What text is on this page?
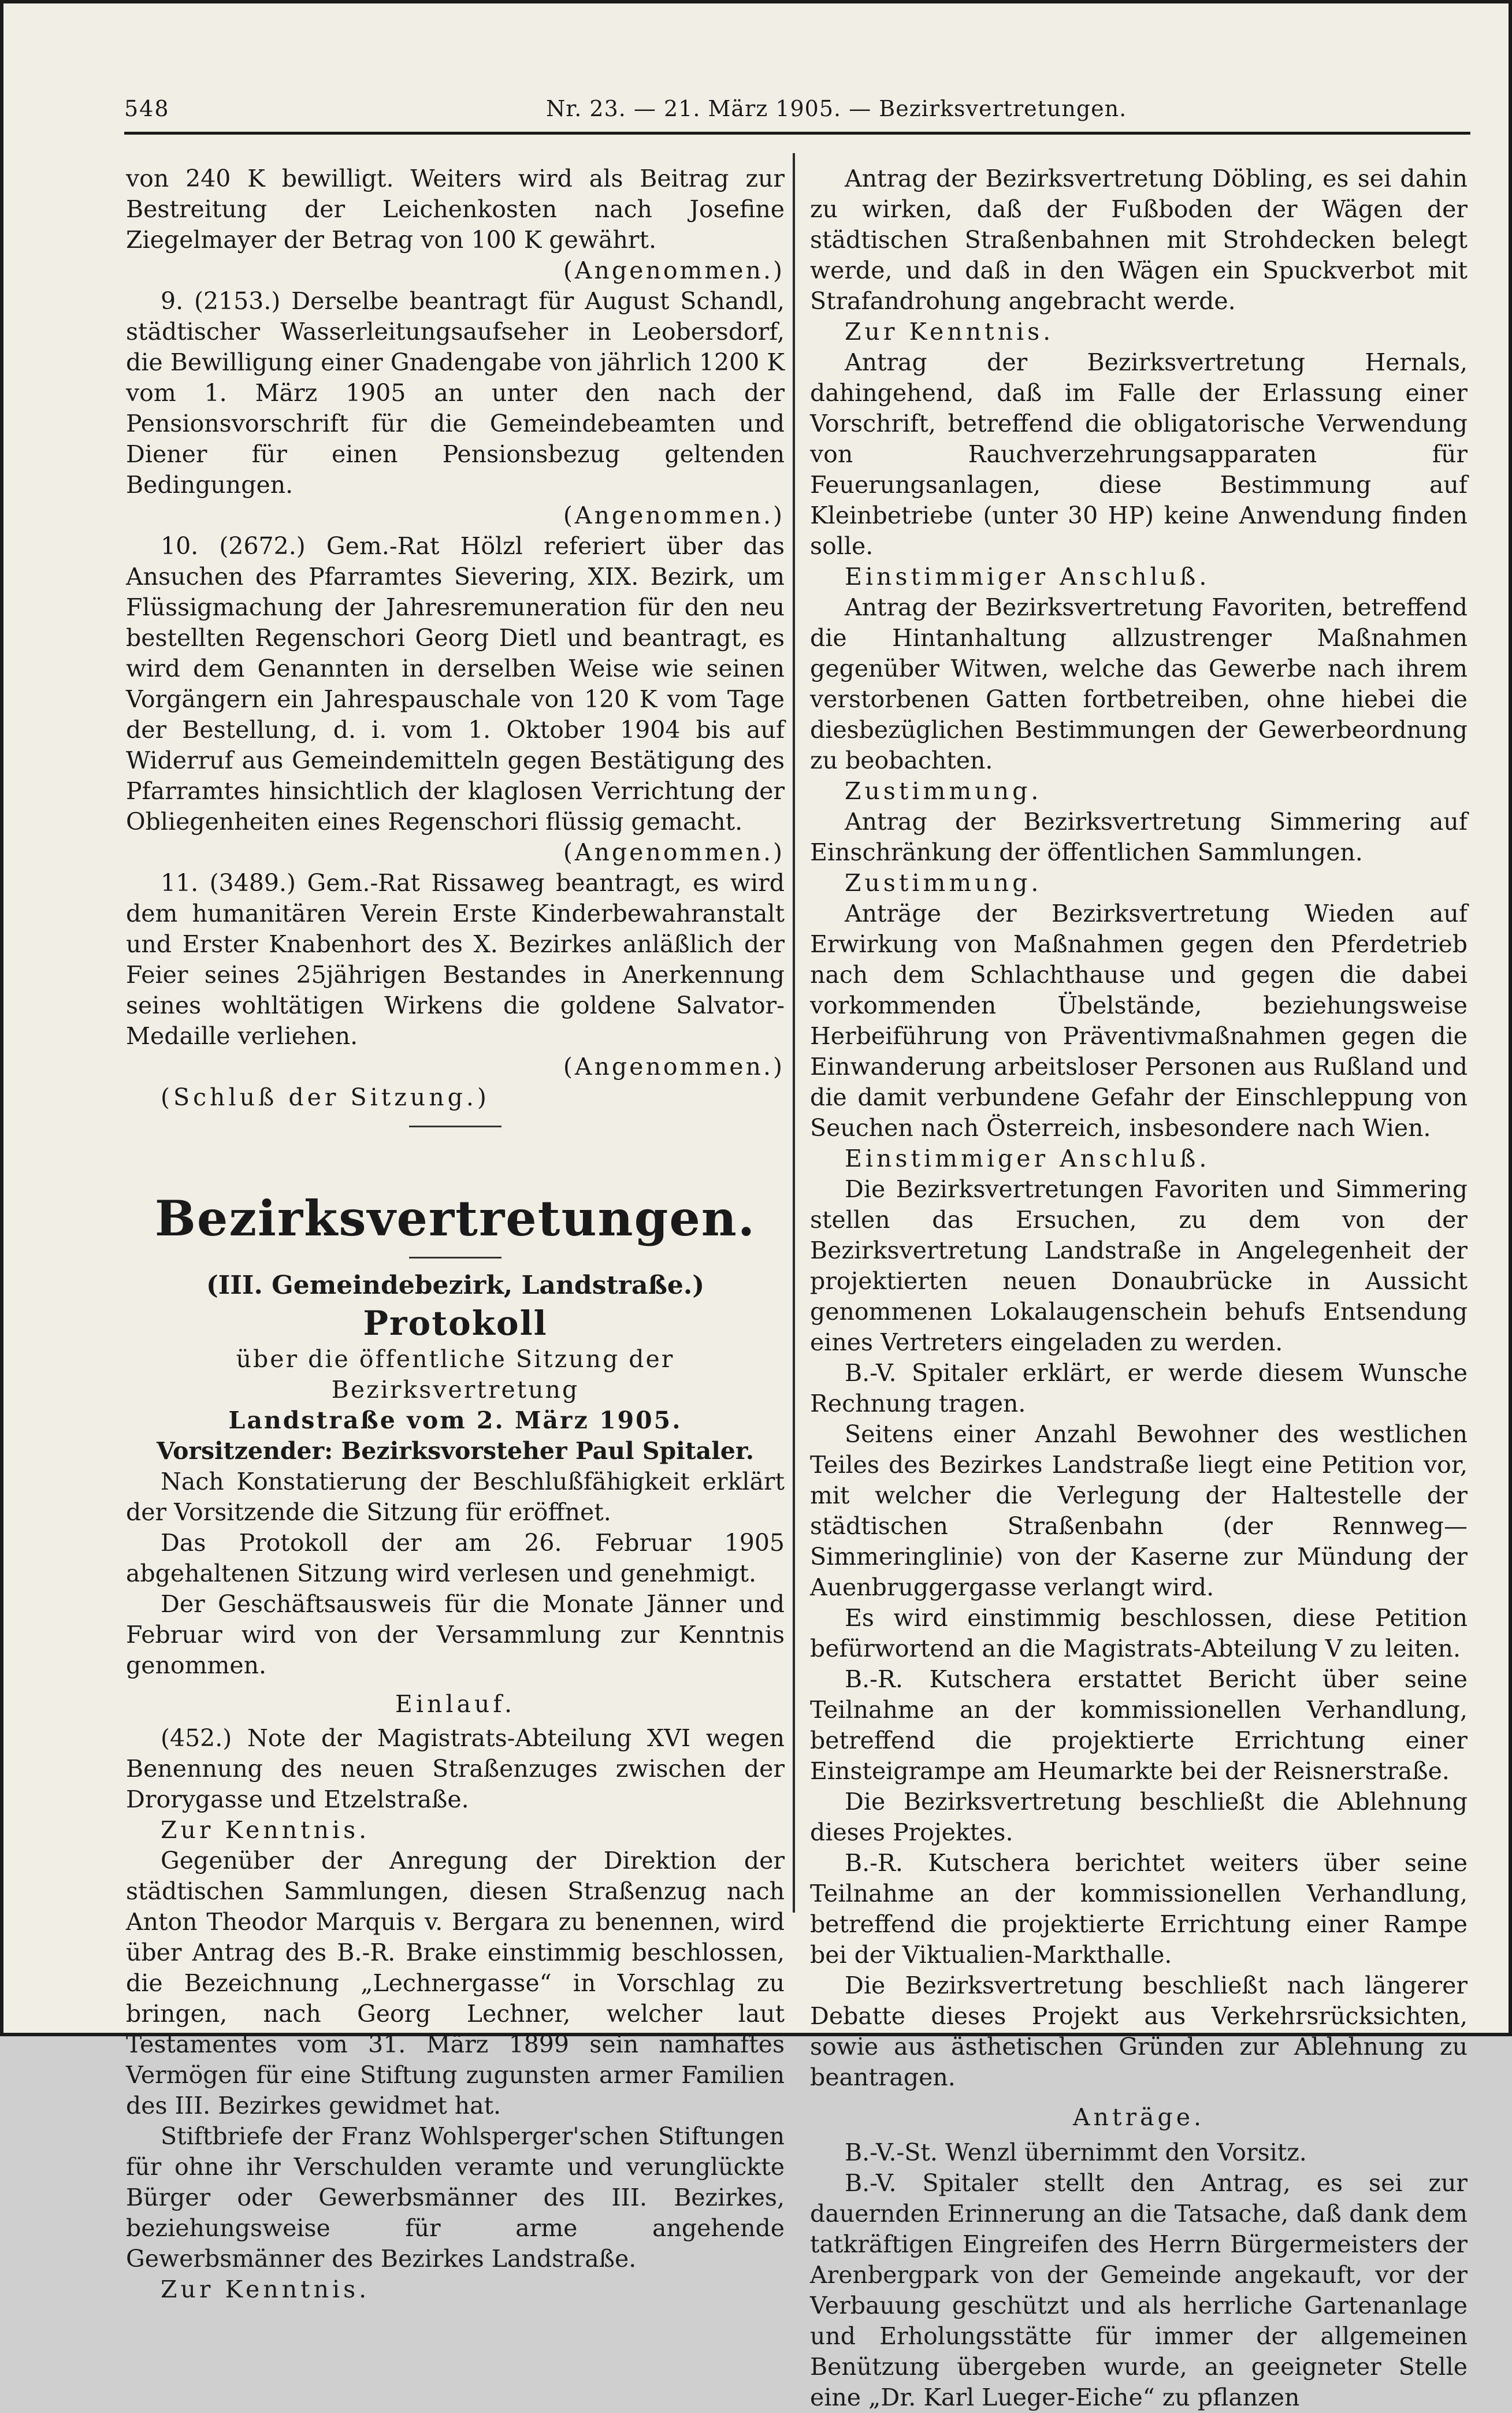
548	Nr. 23. — 21. März 1905. — Bezirksvertretungen.

von 240 K bewilligt. Weiters wird als Beitrag zur Bestreitung der Leichenkosten nach Josefine Ziegelmayer der Betrag von 100 K gewährt.

(Angenommen.)

9. (2153.) Derselbe beantragt für August Schandl, städtischer Wasserleitungsaufseher in Leobersdorf, die Bewilligung einer Gnadengabe von jährlich 1200 K vom 1. März 1905 an unter den nach der Pensionsvorschrift für die Gemeindebeamten und Diener für einen Pensionsbezug geltenden Bedingungen.

(Angenommen.)

10. (2672.) Gem.-Rat Hölzl referiert über das Ansuchen des Pfarramtes Sievering, XIX. Bezirk, um Flüssigmachung der Jahresremuneration für den neu bestellten Regenschori Georg Dietl und beantragt, es wird dem Genannten in derselben Weise wie seinen Vorgängern ein Jahrespauschale von 120 K vom Tage der Bestellung, d. i. vom 1. Oktober 1904 bis auf Widerruf aus Gemeindemitteln gegen Bestätigung des Pfarramtes hinsichtlich der klaglosen Verrichtung der Obliegenheiten eines Regenschori flüssig gemacht.

(Angenommen.)

11. (3489.) Gem.-Rat Rissaweg beantragt, es wird dem humanitären Verein Erste Kinderbewahranstalt und Erster Knabenhort des X. Bezirkes anläßlich der Feier seines 25jährigen Bestandes in Anerkennung seines wohltätigen Wirkens die goldene Salvator-Medaille verliehen.

(Angenommen.)

(Schluß der Sitzung.)

Bezirksvertretungen.
(III. Gemeindebezirk, Landstraße.)
Protokoll
über die öffentliche Sitzung der Bezirksvertretung
Landstraße vom 2. März 1905.
Vorsitzender: Bezirksvorsteher Paul Spitaler.

Nach Konstatierung der Beschlußfähigkeit erklärt der Vorsitzende die Sitzung für eröffnet.

Das Protokoll der am 26. Februar 1905 abgehaltenen Sitzung wird verlesen und genehmigt.

Der Geschäftsausweis für die Monate Jänner und Februar wird von der Versammlung zur Kenntnis genommen.

Einlauf.

(452.) Note der Magistrats-Abteilung XVI wegen Benennung des neuen Straßenzuges zwischen der Drorygasse und Etzelstraße.

Zur Kenntnis.

Gegenüber der Anregung der Direktion der städtischen Sammlungen, diesen Straßenzug nach Anton Theodor Marquis v. Bergara zu benennen, wird über Antrag des B.-R. Brake einstimmig beschlossen, die Bezeichnung „Lechnergasse“ in Vorschlag zu bringen, nach Georg Lechner, welcher laut Testamentes vom 31. März 1899 sein namhaftes Vermögen für eine Stiftung zugunsten armer Familien des III. Bezirkes gewidmet hat.

Stiftbriefe der Franz Wohlsperger'schen Stiftungen für ohne ihr Verschulden veramte und verunglückte Bürger oder Gewerbsmänner des III. Bezirkes, beziehungsweise für arme angehende Gewerbsmänner des Bezirkes Landstraße.

Zur Kenntnis.

Antrag der Bezirksvertretung Döbling, es sei dahin zu wirken, daß der Fußboden der Wägen der städtischen Straßenbahnen mit Strohdecken belegt werde, und daß in den Wägen ein Spuckverbot mit Strafandrohung angebracht werde.

Zur Kenntnis.

Antrag der Bezirksvertretung Hernals, dahingehend, daß im Falle der Erlassung einer Vorschrift, betreffend die obligatorische Verwendung von Rauchverzehrungsapparaten für Feuerungsanlagen, diese Bestimmung auf Kleinbetriebe (unter 30 HP) keine Anwendung finden solle.

Einstimmiger Anschluß.

Antrag der Bezirksvertretung Favoriten, betreffend die Hintanhaltung allzustrenger Maßnahmen gegenüber Witwen, welche das Gewerbe nach ihrem verstorbenen Gatten fortbetreiben, ohne hiebei die diesbezüglichen Bestimmungen der Gewerbeordnung zu beobachten.

Zustimmung.

Antrag der Bezirksvertretung Simmering auf Einschränkung der öffentlichen Sammlungen.

Zustimmung.

Anträge der Bezirksvertretung Wieden auf Erwirkung von Maßnahmen gegen den Pferdetrieb nach dem Schlachthause und gegen die dabei vorkommenden Übelstände, beziehungsweise Herbeiführung von Präventivmaßnahmen gegen die Einwanderung arbeitsloser Personen aus Rußland und die damit verbundene Gefahr der Einschleppung von Seuchen nach Österreich, insbesondere nach Wien.

Einstimmiger Anschluß.

Die Bezirksvertretungen Favoriten und Simmering stellen das Ersuchen, zu dem von der Bezirksvertretung Landstraße in Angelegenheit der projektierten neuen Donaubrücke in Aussicht genommenen Lokalaugenschein behufs Entsendung eines Vertreters eingeladen zu werden.

B.-V. Spitaler erklärt, er werde diesem Wunsche Rechnung tragen.

Seitens einer Anzahl Bewohner des westlichen Teiles des Bezirkes Landstraße liegt eine Petition vor, mit welcher die Verlegung der Haltestelle der städtischen Straßenbahn (der Rennweg—Simmeringlinie) von der Kaserne zur Mündung der Auenbruggergasse verlangt wird.

Es wird einstimmig beschlossen, diese Petition befürwortend an die Magistrats-Abteilung V zu leiten.

B.-R. Kutschera erstattet Bericht über seine Teilnahme an der kommissionellen Verhandlung, betreffend die projektierte Errichtung einer Einsteigrampe am Heumarkte bei der Reisnerstraße.

Die Bezirksvertretung beschließt die Ablehnung dieses Projektes.

B.-R. Kutschera berichtet weiters über seine Teilnahme an der kommissionellen Verhandlung, betreffend die projektierte Errichtung einer Rampe bei der Viktualien-Markthalle.

Die Bezirksvertretung beschließt nach längerer Debatte dieses Projekt aus Verkehrsrücksichten, sowie aus ästhetischen Gründen zur Ablehnung zu beantragen.

Anträge.

B.-V.-St. Wenzl übernimmt den Vorsitz.

B.-V. Spitaler stellt den Antrag, es sei zur dauernden Erinnerung an die Tatsache, daß dank dem tatkräftigen Eingreifen des Herrn Bürgermeisters der Arenbergpark von der Gemeinde angekauft, vor der Verbauung geschützt und als herrliche Gartenanlage und Erholungsstätte für immer der allgemeinen Benützung übergeben wurde, an geeigneter Stelle eine „Dr. Karl Lueger-Eiche“ zu pflanzen
